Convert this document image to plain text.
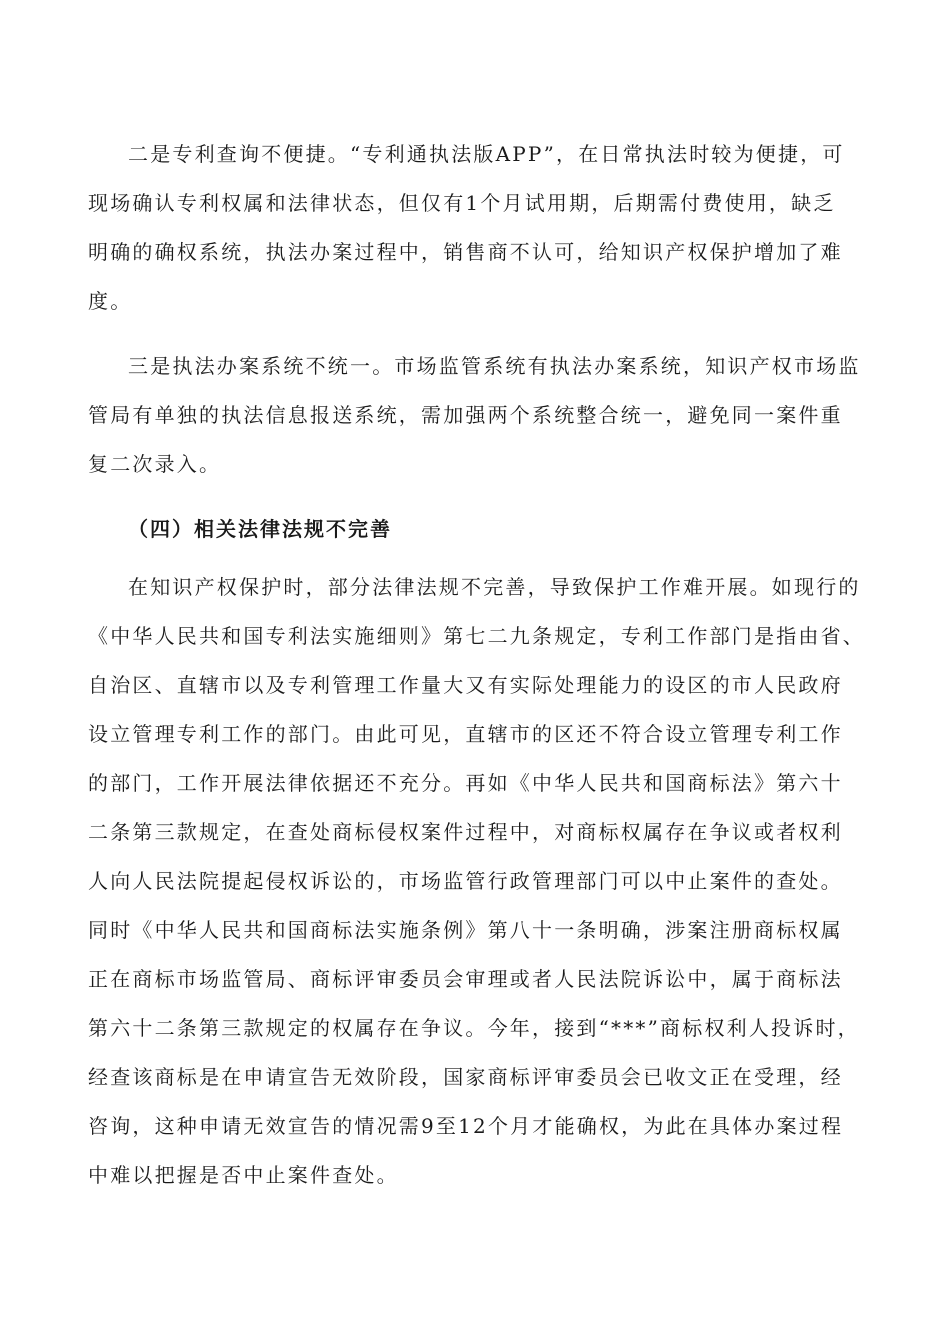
二是专利查询不便捷。“专利通执法版APP”，在日常执法时较为便捷，可
现场确认专利权属和法律状态，但仅有1个月试用期，后期需付费使用，缺乏
明确的确权系统，执法办案过程中，销售商不认可，给知识产权保护增加了难
度。
三是执法办案系统不统一。市场监管系统有执法办案系统，知识产权市场监
管局有单独的执法信息报送系统，需加强两个系统整合统一，避免同一案件重
复二次录入。
（四）相关法律法规不完善
在知识产权保护时，部分法律法规不完善，导致保护工作难开展。如现行的
《中华人民共和国专利法实施细则》第七二九条规定，专利工作部门是指由省、
自治区、直辖市以及专利管理工作量大又有实际处理能力的设区的市人民政府
设立管理专利工作的部门。由此可见，直辖市的区还不符合设立管理专利工作
的部门，工作开展法律依据还不充分。再如《中华人民共和国商标法》第六十
二条第三款规定，在查处商标侵权案件过程中，对商标权属存在争议或者权利
人向人民法院提起侵权诉讼的，市场监管行政管理部门可以中止案件的查处。
同时《中华人民共和国商标法实施条例》第八十一条明确，涉案注册商标权属
正在商标市场监管局、商标评审委员会审理或者人民法院诉讼中，属于商标法
第六十二条第三款规定的权属存在争议。今年，接到“***”商标权利人投诉时，
经查该商标是在申请宣告无效阶段，国家商标评审委员会已收文正在受理，经
咨询，这种申请无效宣告的情况需9至12个月才能确权，为此在具体办案过程
中难以把握是否中止案件查处。
